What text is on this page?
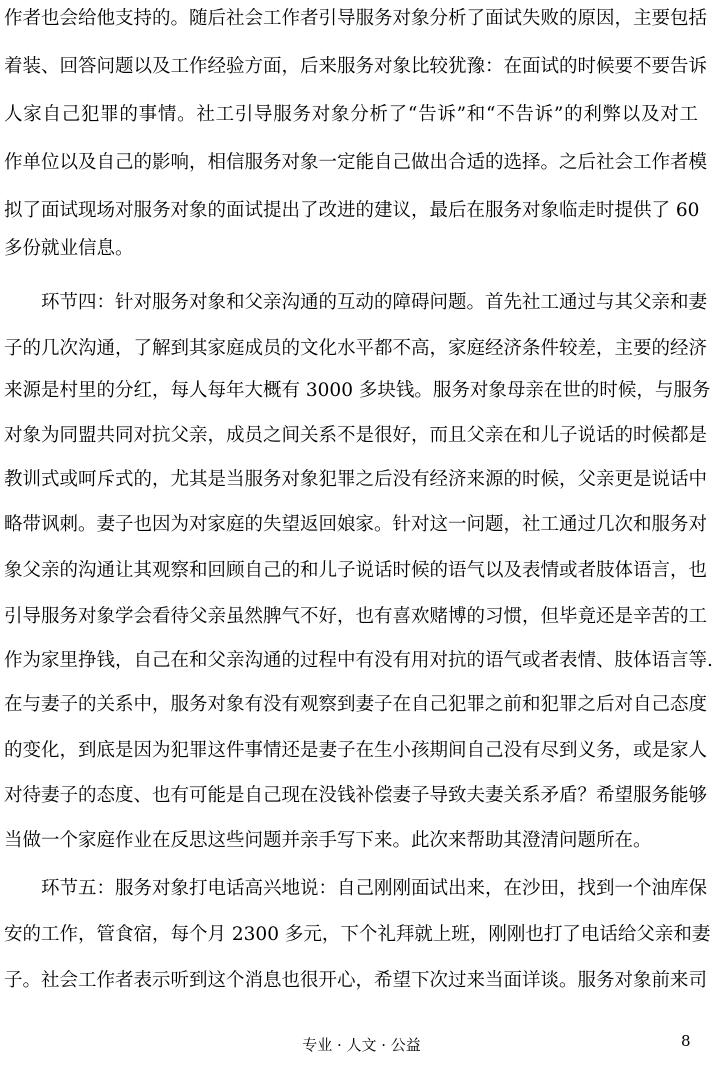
作者也会给他支持的。随后社会工作者引导服务对象分析了面试失败的原因，主要包括
着装、回答问题以及工作经验方面，后来服务对象比较犹豫：在面试的时候要不要告诉
人家自己犯罪的事情。社工引导服务对象分析了“告诉”和“不告诉”的利弊以及对工
作单位以及自己的影响，相信服务对象一定能自己做出合适的选择。之后社会工作者模
拟了面试现场对服务对象的面试提出了改进的建议，最后在服务对象临走时提供了 60
多份就业信息。
环节四：针对服务对象和父亲沟通的互动的障碍问题。首先社工通过与其父亲和妻
子的几次沟通，了解到其家庭成员的文化水平都不高，家庭经济条件较差，主要的经济
来源是村里的分红，每人每年大概有 3000 多块钱。服务对象母亲在世的时候，与服务
对象为同盟共同对抗父亲，成员之间关系不是很好，而且父亲在和儿子说话的时候都是
教训式或呵斥式的，尤其是当服务对象犯罪之后没有经济来源的时候，父亲更是说话中
略带讽刺。妻子也因为对家庭的失望返回娘家。针对这一问题，社工通过几次和服务对
象父亲的沟通让其观察和回顾自己的和儿子说话时候的语气以及表情或者肢体语言，也
引导服务对象学会看待父亲虽然脾气不好，也有喜欢赌博的习惯，但毕竟还是辛苦的工
作为家里挣钱，自己在和父亲沟通的过程中有没有用对抗的语气或者表情、肢体语言等.
在与妻子的关系中，服务对象有没有观察到妻子在自己犯罪之前和犯罪之后对自己态度
的变化，到底是因为犯罪这件事情还是妻子在生小孩期间自己没有尽到义务，或是家人
对待妻子的态度、也有可能是自己现在没钱补偿妻子导致夫妻关系矛盾？希望服务能够
当做一个家庭作业在反思这些问题并亲手写下来。此次来帮助其澄清问题所在。
环节五：服务对象打电话高兴地说：自己刚刚面试出来，在沙田，找到一个油库保
安的工作，管食宿，每个月 2300 多元，下个礼拜就上班，刚刚也打了电话给父亲和妻
子。社会工作者表示听到这个消息也很开心，希望下次过来当面详谈。服务对象前来司
专业 · 人文 · 公益	8
